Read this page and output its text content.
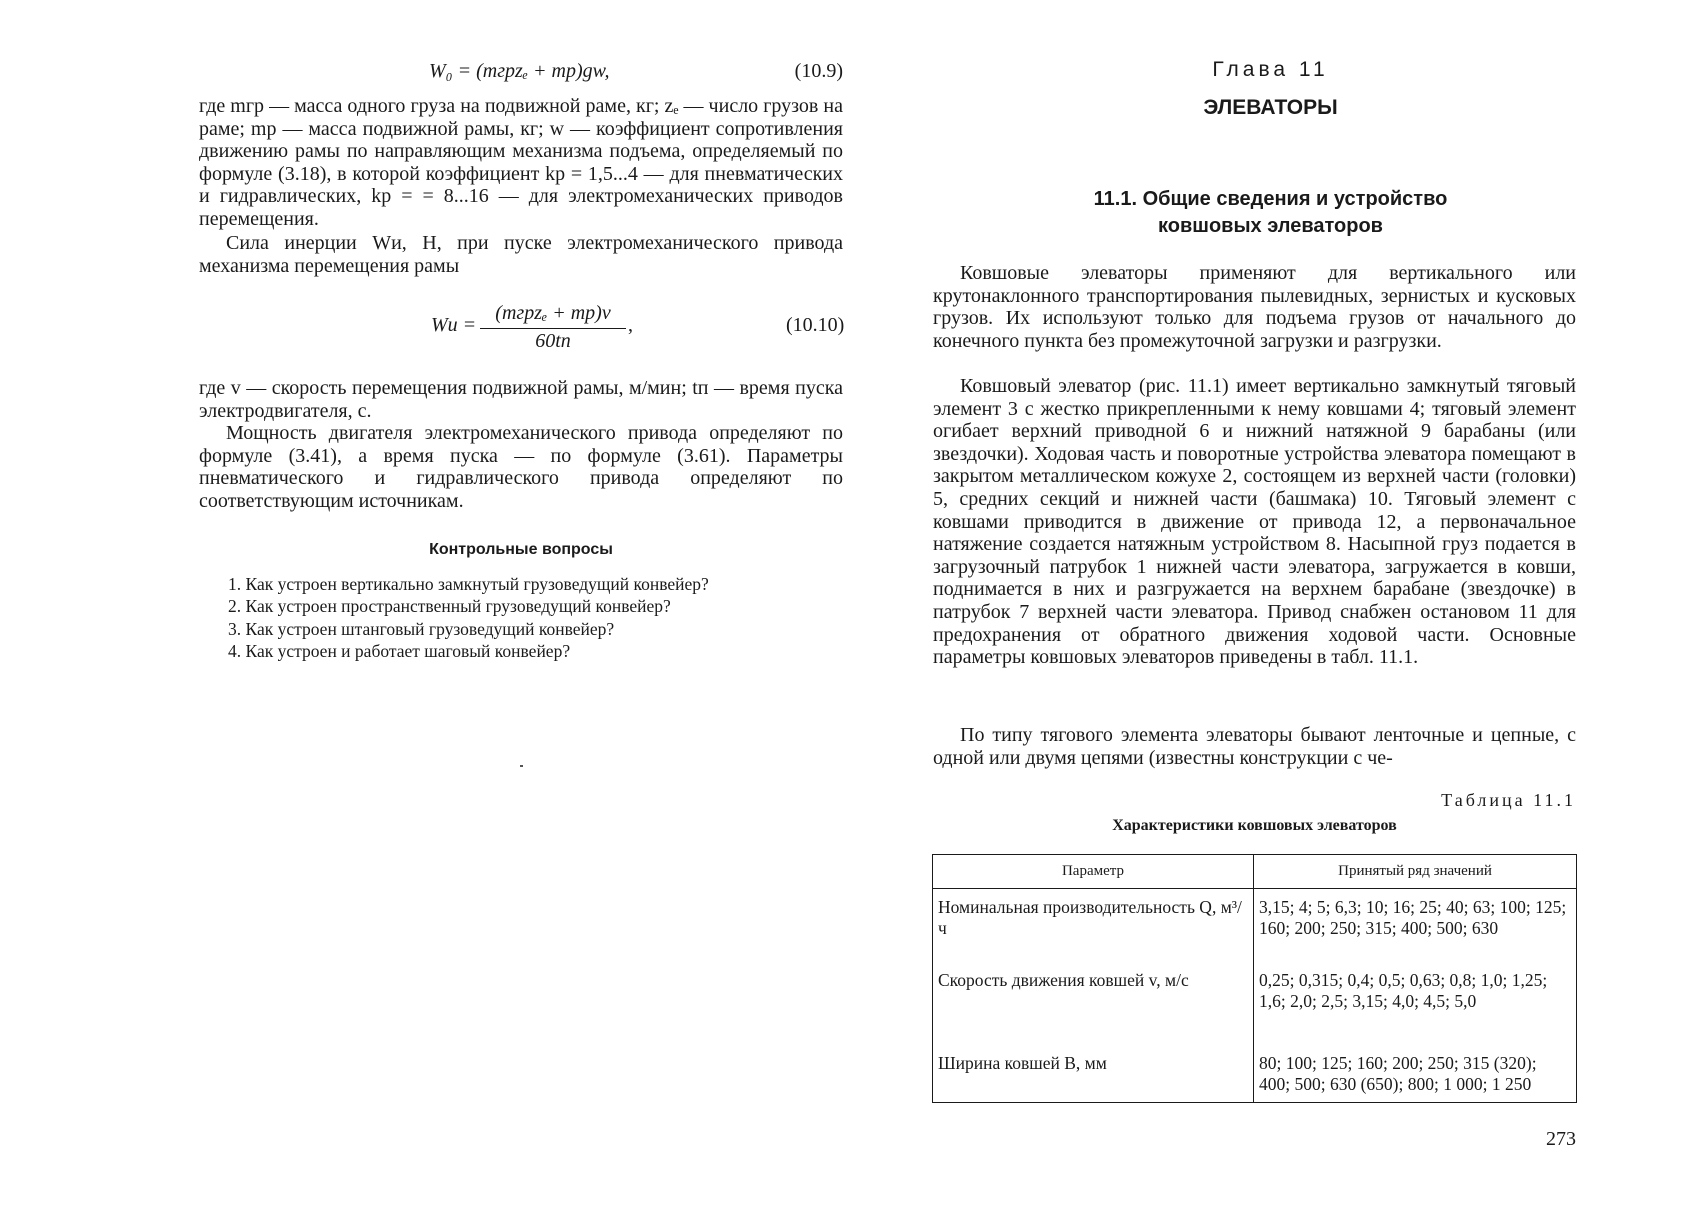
W₀ = (mгрzₑ + mр)gw,	(10.9)

где mгр — масса одного груза на подвижной раме, кг; zₑ — число грузов на раме; mр — масса подвижной рамы, кг; w — коэффициент сопротивления движению рамы по направляющим механизма подъема, определяемый по формуле (3.18), в которой коэффициент kр = 1,5...4 — для пневматических и гидравлических, kр = = 8...16 — для электромеханических приводов перемещения.

Сила инерции Wи, Н, при пуске электромеханического привода механизма перемещения рамы

Wи =
(mгрzₑ + mр)v
60tп
,	(10.10)

где v — скорость перемещения подвижной рамы, м/мин; tп — время пуска электродвигателя, с.

Мощность двигателя электромеханического привода определяют по формуле (3.41), а время пуска — по формуле (3.61). Параметры пневматического и гидравлического привода определяют по соответствующим источникам.

Контрольные вопросы
1. Как устроен вертикально замкнутый грузоведущий конвейер?
2. Как устроен пространственный грузоведущий конвейер?
3. Как устроен штанговый грузоведущий конвейер?
4. Как устроен и работает шаговый конвейер?
Глава 11
ЭЛЕВАТОРЫ
11.1. Общие сведения и устройство
ковшовых элеваторов

Ковшовые элеваторы применяют для вертикального или крутонаклонного транспортирования пылевидных, зернистых и кусковых грузов. Их используют только для подъема грузов от начального до конечного пункта без промежуточной загрузки и разгрузки.

Ковшовый элеватор (рис. 11.1) имеет вертикально замкнутый тяговый элемент 3 с жестко прикрепленными к нему ковшами 4; тяговый элемент огибает верхний приводной 6 и нижний натяжной 9 барабаны (или звездочки). Ходовая часть и поворотные устройства элеватора помещают в закрытом металлическом кожухе 2, состоящем из верхней части (головки) 5, средних секций и нижней части (башмака) 10. Тяговый элемент с ковшами приводится в движение от привода 12, а первоначальное натяжение создается натяжным устройством 8. Насыпной груз подается в загрузочный патрубок 1 нижней части элеватора, загружается в ковши, поднимается в них и разгружается на верхнем барабане (звездочке) в патрубок 7 верхней части элеватора. Привод снабжен остановом 11 для предохранения от обратного движения ходовой части. Основные параметры ковшовых элеваторов приведены в табл. 11.1.

По типу тягового элемента элеваторы бывают ленточные и цепные, с одной или двумя цепями (известны конструкции с че-

Таблица 11.1
Характеристики ковшовых элеваторов
Параметр	Принятый ряд значений
Номинальная производительность Q, м³/ч	3,15; 4; 5; 6,3; 10; 16; 25; 40; 63; 100; 125; 160; 200; 250; 315; 400; 500; 630
Скорость движения ковшей v, м/с	0,25; 0,315; 0,4; 0,5; 0,63; 0,8; 1,0; 1,25; 1,6; 2,0; 2,5; 3,15; 4,0; 4,5; 5,0
Ширина ковшей B, мм	80; 100; 125; 160; 200; 250; 315 (320); 400; 500; 630 (650); 800; 1 000; 1 250
273
